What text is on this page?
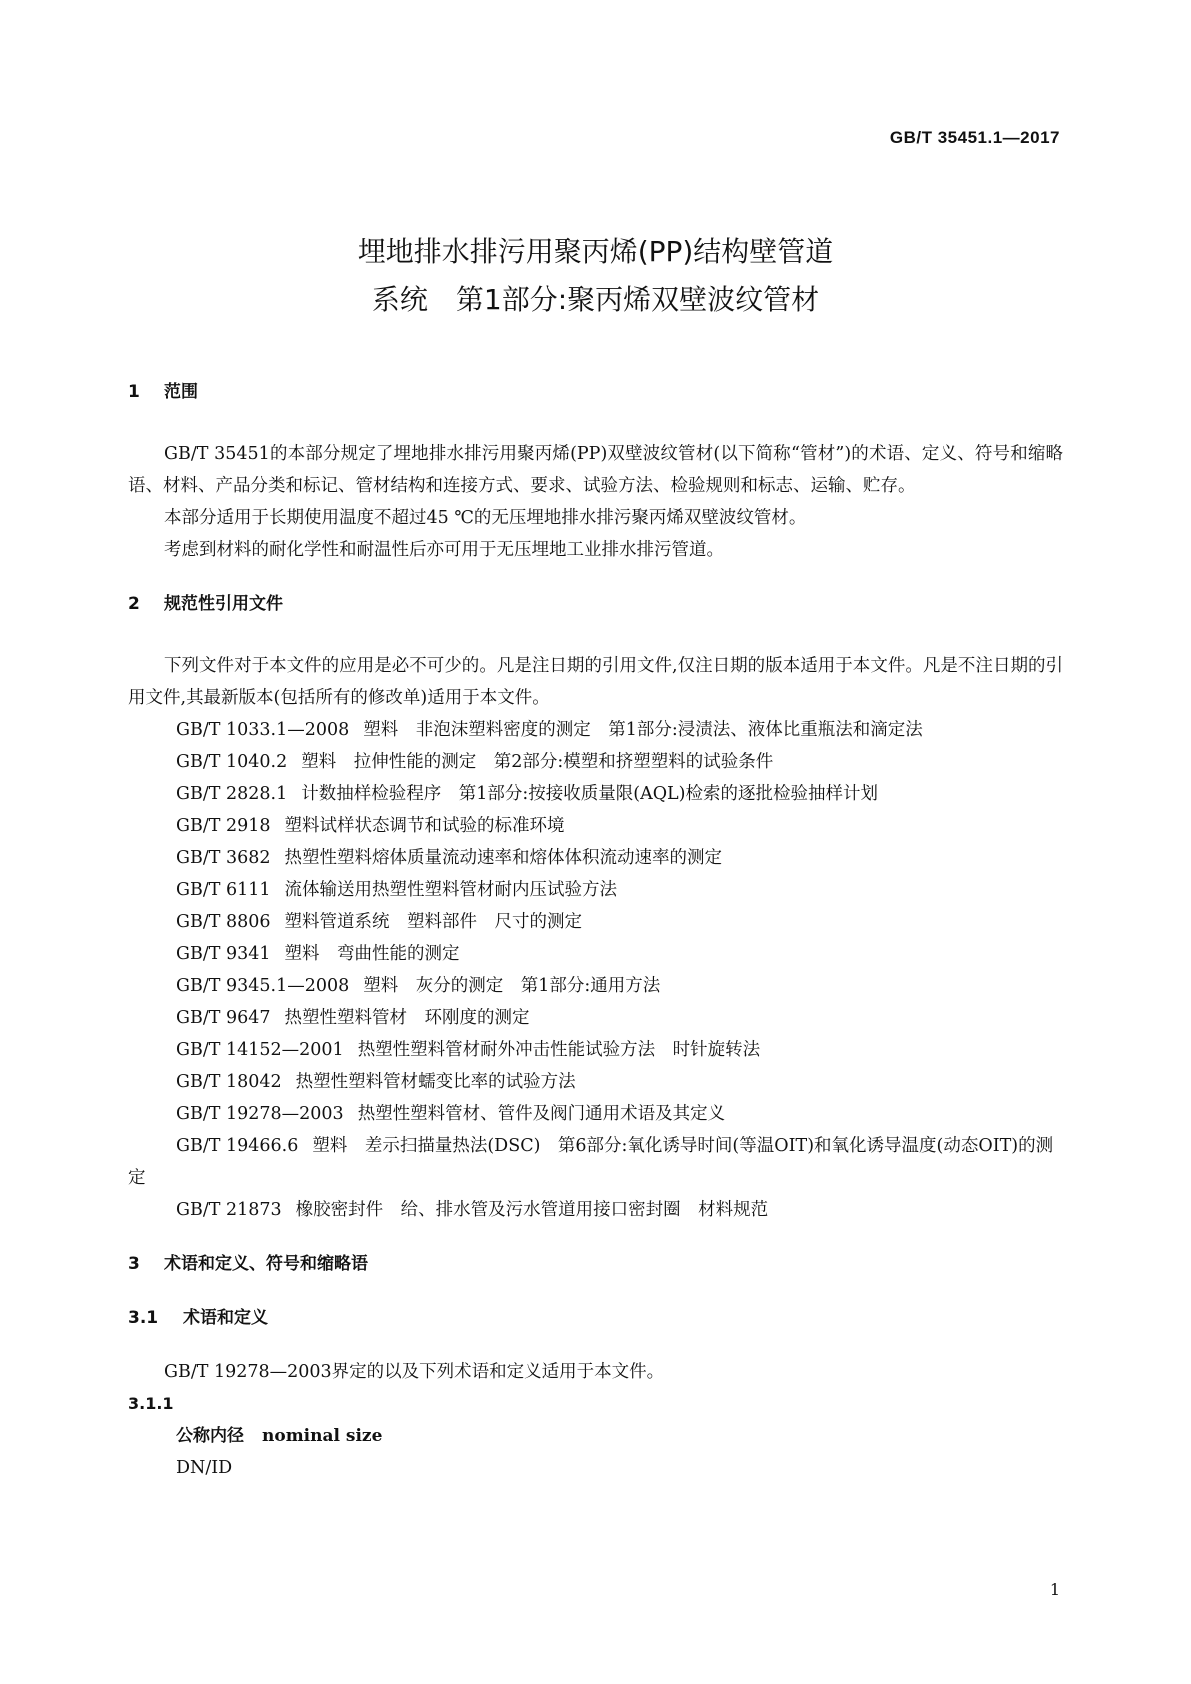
GB/T 35451.1—2017
埋地排水排污用聚丙烯(PP)结构壁管道
系统　第1部分:聚丙烯双壁波纹管材
1 范围
GB/T 35451的本部分规定了埋地排水排污用聚丙烯(PP)双壁波纹管材(以下简称“管材”)的术语、定义、符号和缩略语、材料、产品分类和标记、管材结构和连接方式、要求、试验方法、检验规则和标志、运输、贮存。
本部分适用于长期使用温度不超过45 ℃的无压埋地排水排污聚丙烯双壁波纹管材。
考虑到材料的耐化学性和耐温性后亦可用于无压埋地工业排水排污管道。
2 规范性引用文件
下列文件对于本文件的应用是必不可少的。凡是注日期的引用文件,仅注日期的版本适用于本文件。凡是不注日期的引用文件,其最新版本(包括所有的修改单)适用于本文件。
GB/T 1033.1—2008 塑料　非泡沫塑料密度的测定　第1部分:浸渍法、液体比重瓶法和滴定法
GB/T 1040.2 塑料　拉伸性能的测定　第2部分:模塑和挤塑塑料的试验条件
GB/T 2828.1 计数抽样检验程序　第1部分:按接收质量限(AQL)检索的逐批检验抽样计划
GB/T 2918 塑料试样状态调节和试验的标准环境
GB/T 3682 热塑性塑料熔体质量流动速率和熔体体积流动速率的测定
GB/T 6111 流体输送用热塑性塑料管材耐内压试验方法
GB/T 8806 塑料管道系统　塑料部件　尺寸的测定
GB/T 9341 塑料　弯曲性能的测定
GB/T 9345.1—2008 塑料　灰分的测定　第1部分:通用方法
GB/T 9647 热塑性塑料管材　环刚度的测定
GB/T 14152—2001 热塑性塑料管材耐外冲击性能试验方法　时针旋转法
GB/T 18042 热塑性塑料管材蠕变比率的试验方法
GB/T 19278—2003 热塑性塑料管材、管件及阀门通用术语及其定义
GB/T 19466.6 塑料　差示扫描量热法(DSC)　第6部分:氧化诱导时间(等温OIT)和氧化诱导温度(动态OIT)的测定
GB/T 21873 橡胶密封件　给、排水管及污水管道用接口密封圈　材料规范
3 术语和定义、符号和缩略语
3.1 术语和定义
GB/T 19278—2003界定的以及下列术语和定义适用于本文件。
3.1.1
公称内径 nominal size
DN/ID
1
